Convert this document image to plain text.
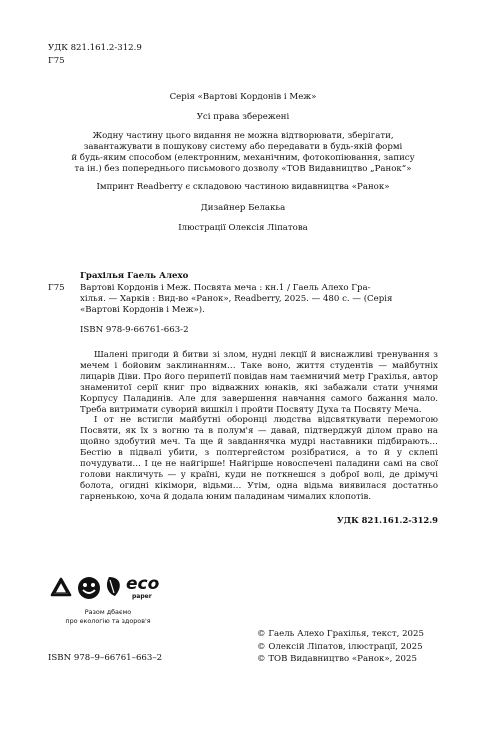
УДК 821.161.2-312.9
Г75
Серія «Вартові Кордонів і Меж»
Усі права збережені
Жодну частину цього видання не можна відтворювати, зберігати,
завантажувати в пошукову систему або передавати в будь-якій формі
й будь-яким способом (електронним, механічним, фотокопіювання, запису
та ін.) без попереднього письмового дозволу «ТОВ Видавництво „Ранок“»
Імпринт Readberry є складовою частиною видавництва «Ранок»
Дизайнер Белакьа
Ілюстрації Олексія Ліпатова
Грахілья Гаель Алехо
Г75 Вартові Кордонів і Меж. Посвята меча : кн.1 / Гаель Алехо Гра-
хілья. — Харків : Вид-во «Ранок», Readberry, 2025. — 480 с. — (Серія
«Вартові Кордонів і Меж»).
ISBN 978-9-66761-663-2
Шалені пригоди й битви зі злом, нудні лекції й виснажливі тренування з мечем і бойовим заклинанням… Таке воно, життя студентів — майбутніх лицарів Діви. Про його перипетії повідав нам таємничий метр Грахілья, автор знаменитої серії книг про відважних юнаків, які забажали стати учнями Корпусу Паладинів. Але для завершення навчання самого бажання мало. Треба витримати суворий вишкіл і пройти Посвяту Духа та Посвяту Меча.
І от не встигли майбутні оборонці людства відсвяткувати перемогою Посвяти, як їх з вогню та в полум'я — давай, підтверджуй ділом право на щойно здобутий меч. Та ще й завданнячка мудрі наставники підбирають… Бестію в підвалі убити, з полтергейстом розібратися, а то й у склепі почудувати… І це не найгірше! Найгірше новоспечені паладини самі на свої голови накличуть — у країні, куди не поткнешся з доброї волі, де дрімучі болота, огидні кікімори, відьми… Утім, одна відьма виявилася достатньо гарненькою, хоча й додала юним паладинам чималих клопотів.
УДК 821.161.2-312.9
eco
paper
Разом дбаємо
про екологію та здоров'я
© Гаель Алехо Грахілья, текст, 2025
© Олексій Ліпатов, ілюстрації, 2025
© ТОВ Видавництво «Ранок», 2025
ISBN 978–9–66761–663–2
